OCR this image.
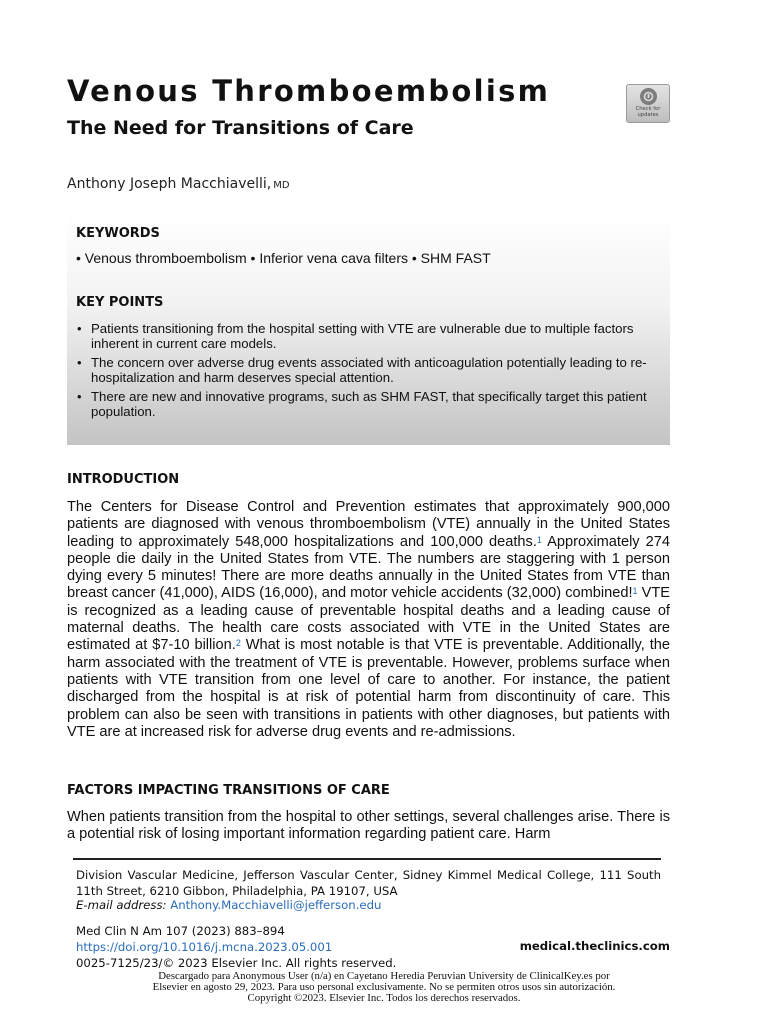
Venous Thromboembolism
The Need for Transitions of Care
Check for
updates
Anthony Joseph Macchiavelli, MD
KEYWORDS
• Venous thromboembolism • Inferior vena cava filters • SHM FAST
KEY POINTS
• Patients transitioning from the hospital setting with VTE are vulnerable due to multiple factors inherent in current care models.
• The concern over adverse drug events associated with anticoagulation potentially leading to re-hospitalization and harm deserves special attention.
• There are new and innovative programs, such as SHM FAST, that specifically target this patient population.
INTRODUCTION

The Centers for Disease Control and Prevention estimates that approximately 900,000 patients are diagnosed with venous thromboembolism (VTE) annually in the United States leading to approximately 548,000 hospitalizations and 100,000 deaths.$^1$ Approximately 274 people die daily in the United States from VTE. The numbers are staggering with 1 person dying every 5 minutes! There are more deaths annually in the United States from VTE than breast cancer (41,000), AIDS (16,000), and motor vehicle accidents (32,000) combined!$^1$ VTE is recognized as a leading cause of preventable hospital deaths and a leading cause of maternal deaths. The health care costs associated with VTE in the United States are estimated at $7-10 billion.$^2$ What is most notable is that VTE is preventable. Additionally, the harm associated with the treatment of VTE is preventable. However, problems surface when patients with VTE transition from one level of care to another. For instance, the patient discharged from the hospital is at risk of potential harm from discontinuity of care. This problem can also be seen with transitions in patients with other diagnoses, but patients with VTE are at increased risk for adverse drug events and re-admissions.

FACTORS IMPACTING TRANSITIONS OF CARE

When patients transition from the hospital to other settings, several challenges arise. There is a potential risk of losing important information regarding patient care. Harm

Division Vascular Medicine, Jefferson Vascular Center, Sidney Kimmel Medical College, 111 South 11th Street, 6210 Gibbon, Philadelphia, PA 19107, USA

E-mail address: Anthony.Macchiavelli@jefferson.edu
Med Clin N Am 107 (2023) 883–894
https://doi.org/10.1016/j.mcna.2023.05.001
0025-7125/23/© 2023 Elsevier Inc. All rights reserved.
medical.theclinics.com

Descargado para Anonymous User (n/a) en Cayetano Heredia Peruvian University de ClinicalKey.es por Elsevier en agosto 29, 2023. Para uso personal exclusivamente. No se permiten otros usos sin autorización. Copyright ©2023. Elsevier Inc. Todos los derechos reservados.
